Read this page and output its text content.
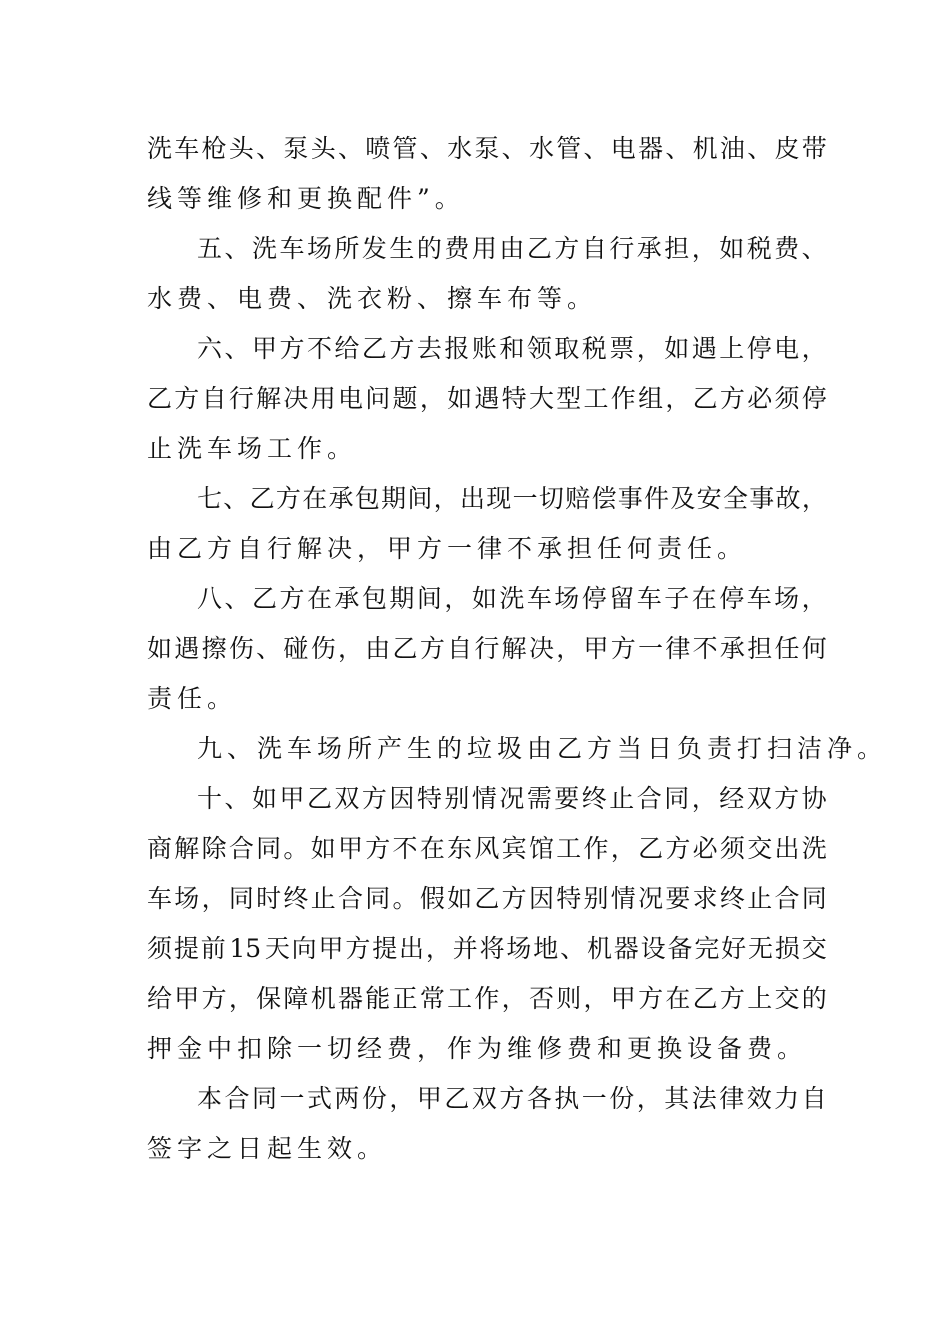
洗 车 枪 头 、 泵 头 、 喷 管 、 水 泵 、 水 管 、 电 器 、 机 油 、 皮 带
线等维修和更换配件”。
五 、 洗 车 场 所 发 生 的 费 用 由 乙 方 自 行 承 担 ， 如 税 费 、
水费、电费、洗衣粉、擦车布等。
六 、 甲 方 不 给 乙 方 去 报 账 和 领 取 税 票 ， 如 遇 上 停 电 ，
乙 方 自 行 解 决 用 电 问 题 ， 如 遇 特 大 型 工 作 组 ， 乙 方 必 须 停
止洗车场工作。
七 、 乙 方 在 承 包 期 间 ， 出 现 一 切 赔 偿 事 件 及 安 全 事 故 ，
由乙方自行解决，甲方一律不承担任何责任。
八 、 乙 方 在 承 包 期 间 ， 如 洗 车 场 停 留 车 子 在 停 车 场 ，
如 遇 擦 伤 、 碰 伤 ， 由 乙 方 自 行 解 决 ， 甲 方 一 律 不 承 担 任 何
责任。
九、洗车场所产生的垃圾由乙方当日负责打扫洁净。
十 、 如 甲 乙 双 方 因 特 别 情 况 需 要 终 止 合 同 ， 经 双 方 协
商 解 除 合 同 。 如 甲 方 不 在 东 风 宾 馆 工 作 ， 乙 方 必 须 交 出 洗
车 场 ， 同 时 终 止 合 同 。 假 如 乙 方 因 特 别 情 况 要 求 终 止 合 同
须 提 前 15 天 向 甲 方 提 出 ， 并 将 场 地 、 机 器 设 备 完 好 无 损 交
给 甲 方 ， 保 障 机 器 能 正 常 工 作 ， 否 则 ， 甲 方 在 乙 方 上 交 的
押金中扣除一切经费，作为维修费和更换设备费。
本 合 同 一 式 两 份 ， 甲 乙 双 方 各 执 一 份 ， 其 法 律 效 力 自
签字之日起生效。
